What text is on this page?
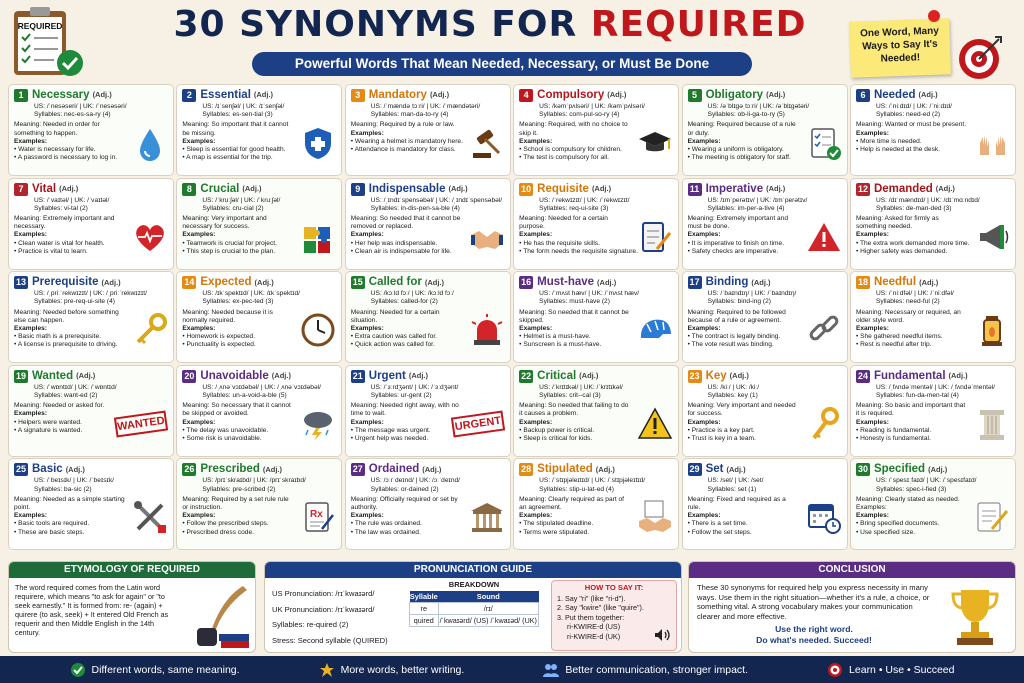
REQUIRED	30 SYNONYMS FOR REQUIRED
Powerful Words That Mean Needed, Necessary, or Must Be Done
One Word, Many Ways to Say It's Needed!
1 Necessary (Adj.)
US: /ˈnesəseri/ | UK: /ˈnesəsəri/
Syllables: nec-es-sa-ry (4)
Meaning: Needed in order for something to happen.
Examples:
• Water is necessary for life.
• A password is necessary to log in.
2 Essential (Adj.)
US: /ɪˈsenʃəl/ | UK: /ɪˈsenʃəl/
Syllables: es-sen-tial (3)
Meaning: So important that it cannot be missing.
Examples:
• Sleep is essential for good health.
• A map is essential for the trip.
3 Mandatory (Adj.)
US: /ˈmændəˌtɔːri/ | UK: /ˈmændətəri/
Syllables: man-da-to-ry (4)
Meaning: Required by a rule or law.
Examples:
• Wearing a helmet is mandatory here.
• Attendance is mandatory for class.
4 Compulsory (Adj.)
US: /kəmˈpʌlsəri/ | UK: /kəmˈpʌlsəri/
Syllables: com-pul-so-ry (4)
Meaning: Required, with no choice to skip it.
Examples:
• School is compulsory for children.
• The test is compulsory for all.
5 Obligatory (Adj.)
US: /əˈblɪɡəˌtɔːri/ | UK: /əˈblɪɡətəri/
Syllables: ob-li-ga-to-ry (5)
Meaning: Required because of a rule or duty.
Examples:
• Wearing a uniform is obligatory.
• The meeting is obligatory for staff.
6 Needed (Adj.)
US: /ˈniːdɪd/ | UK: /ˈniːdɪd/
Syllables: need-ed (2)
Meaning: Wanted or must be present.
Examples:
• More time is needed.
• Help is needed at the desk.
7 Vital (Adj.)
US: /ˈvaɪtəl/ | UK: /ˈvaɪtəl/
Syllables: vi-tal (2)
Meaning: Extremely important and necessary.
Examples:
• Clean water is vital for health.
• Practice is vital to learn.
8 Crucial (Adj.)
US: /ˈkruːʃəl/ | UK: /ˈkruːʃəl/
Syllables: cru-cial (2)
Meaning: Very important and necessary for success.
Examples:
• Teamwork is crucial for project.
• This step is crucial to the plan.
9 Indispensable (Adj.)
US: /ˌɪndɪˈspensəbəl/ | UK: /ˌɪndɪˈspensəbəl/
Syllables: in-dis-pen-sa-ble (4)
Meaning: So needed that it cannot be removed or replaced.
Examples:
• Her help was indispensable.
• Clean air is indispensable for life.
10 Requisite (Adj.)
US: /ˈrekwɪzɪt/ | UK: /ˈrekwɪzɪt/
Syllables: req-ui-site (3)
Meaning: Needed for a certain purpose.
Examples:
• He has the requisite skills.
• The form needs the requisite signature.
11 Imperative (Adj.)
US: /ɪmˈperətɪv/ | UK: /ɪmˈperətɪv/
Syllables: im-per-a-tive (4)
Meaning: Extremely important and must be done.
Examples:
• It is imperative to finish on time.
• Safety checks are imperative.
12 Demanded (Adj.)
US: /dɪˈmændɪd/ | UK: /dɪˈmɑːndɪd/
Syllables: de-man-ded (3)
Meaning: Asked for firmly as something needed.
Examples:
• The extra work demanded more time.
• Higher safety was demanded.
13 Prerequisite (Adj.)
US: /ˌpriːˈrekwɪzɪt/ | UK: /ˌpriːˈrekwɪzɪt/
Syllables: pre-req-ui-site (4)
Meaning: Needed before something else can happen.
Examples:
• Basic math is a prerequisite.
• A license is prerequisite to driving.
14 Expected (Adj.)
US: /ɪkˈspektɪd/ | UK: /ɪkˈspektɪd/
Syllables: ex-pec-ted (3)
Meaning: Needed because it is normally required.
Examples:
• Homework is expected.
• Punctuality is expected.
15 Called for (Adj.)
US: /kɔːld fɔː/ | UK: /kɔːld fɔː/
Syllables: called-for (2)
Meaning: Needed for a certain situation.
Examples:
• Extra caution was called for.
• Quick action was called for.
16 Must-have (Adj.)
US: /ˈmʌst hæv/ | UK: /ˈmʌst hæv/
Syllables: must-have (2)
Meaning: So needed that it cannot be skipped.
Examples:
• Helmet is a must-have.
• Sunscreen is a must-have.
17 Binding (Adj.)
US: /ˈbaɪndɪŋ/ | UK: /ˈbaɪndɪŋ/
Syllables: bind-ing (2)
Meaning: Required to be followed because of a rule or agreement.
Examples:
• The contract is legally binding.
• The vote result was binding.
18 Needful (Adj.)
US: /ˈniːdfəl/ | UK: /ˈniːdfəl/
Syllables: need-ful (2)
Meaning: Necessary or required, an older style word.
Examples:
• She gathered needful items.
• Rest is needful after trip.
19 Wanted (Adj.)
US: /ˈwɒntɪd/ | UK: /ˈwɒntɪd/
Syllables: want-ed (2)
Meaning: Needed or asked for.
Examples:
• Helpers were wanted.
• A signature is wanted.	WANTED
20 Unavoidable (Adj.)
US: /ˌʌnəˈvɔɪdəbəl/ | UK: /ˌʌnəˈvɔɪdəbəl/
Syllables: un-a-void-a-ble (5)
Meaning: So necessary that it cannot be skipped or avoided.
Examples:
• The delay was unavoidable.
• Some risk is unavoidable.
21 Urgent (Adj.)
US: /ˈɜːrdʒənt/ | UK: /ˈɜːdʒənt/
Syllables: ur-gent (2)
Meaning: Needed right away, with no time to wait.
Examples:
• The message was urgent.
• Urgent help was needed.
URGENT
22 Critical (Adj.)
US: /ˈkrɪtɪkəl/ | UK: /ˈkrɪtɪkəl/
Syllables: crit--cal (3)
Meaning: So needed that failing to do it causes a problem.
Examples:
• Backup power is critical.
• Sleep is critical for kids.
23 Key (Adj.)
US: /kiː/ | UK: /kiː/
Syllables: key (1)
Meaning: Very important and needed for success.
Examples:
• Practice is a key part.
• Trust is key in a team.
24 Fundamental (Adj.)
US: /ˌfʌndəˈmentəl/ | UK: /ˌfʌndəˈmentəl/
Syllables: fun-da-men-tal (4)
Meaning: So basic and important that it is required.
Examples:
• Reading is fundamental.
• Honesty is fundamental.
25 Basic (Adj.)
US: /ˈbeɪsɪk/ | UK: /ˈbeɪsɪk/
Syllables: ba-sic (2)
Meaning: Needed as a simple starting point.
Examples:
• Basic tools are required.
• These are basic steps.
26 Prescribed (Adj.)
US: /prɪˈskraɪbd/ | UK: /prɪˈskraɪbd/
Syllables: pre-scribed (2)
Meaning: Required by a set rule rule or instruction.
Examples:
• Follow the prescribed steps.
• Prescribed dress code.
Rx
27 Ordained (Adj.)
US: /ɔːrˈdeɪnd/ | UK: /ɔːˈdeɪnd/
Syllables: or-dained (2)
Meaning: Officially required or set by authority.
Examples:
• The rule was ordained.
• The law was ordained.
28 Stipulated (Adj.)
US: /ˈstɪpjəleɪtɪd/ | UK: /ˈstɪpjəleɪtɪd/
Syllables: stip-u-lat-ed (4)
Meaning: Clearly required as part of an agreement.
Examples:
• The stipulated deadline.
• Terms were stipulated.
29 Set (Adj.)
US: /set/ | UK: /set/
Syllables: set (1)
Meaning: Fixed and required as a rule.
Examples:
• There is a set time.
• Follow the set steps.
30 Specified (Adj.)
US: /ˈspesɪˌfaɪd/ | UK: /ˈspesɪfaɪd/
Syllables: spec-i-fied (3)
Meaning: Clearly stated as needed. Examples:
Examples:
• Bring specified documents.
• Use specified size.
ETYMOLOGY OF REQUIRED
The word required comes from the Latin word requirere, which means "to ask for again" or "to seek earnestly." It is formed from: re- (again) + quirere (to ask, seek) + It entered Old French as requerir and then Middle English in the 14th century.
PRONUNCIATION GUIDE
US Pronunciation: /rɪˈkwaɪərd/
UK Pronunciation: /rɪˈkwaɪərd/
Syllables: re-quired (2)
Stress: Second syllable (QUIRED)
BREAKDOWN
Syllable	Sound
re	/rɪ/
quired	/ˈkwaɪərd/ (US) /ˈkwaɪəd/ (UK)
HOW TO SAY IT:
1. Say "ri" (like "ri-d").
2. Say "kwire" (like "quire").
3. Put them together:
ri-KWIRE-d (US)
ri-KWIRE-d (UK)
CONCLUSION
These 30 synonyms for required help you express necessity in many ways. Use them in the right situation—whether it's a rule, a choice, or something vital. A strong vocabulary makes your communication clearer and more effective.
Use the right word.
Do what's needed. Succeed!
Different words, same meaning.	More words, better writing.	Better communication, stronger impact.	Learn • Use • Succeed
